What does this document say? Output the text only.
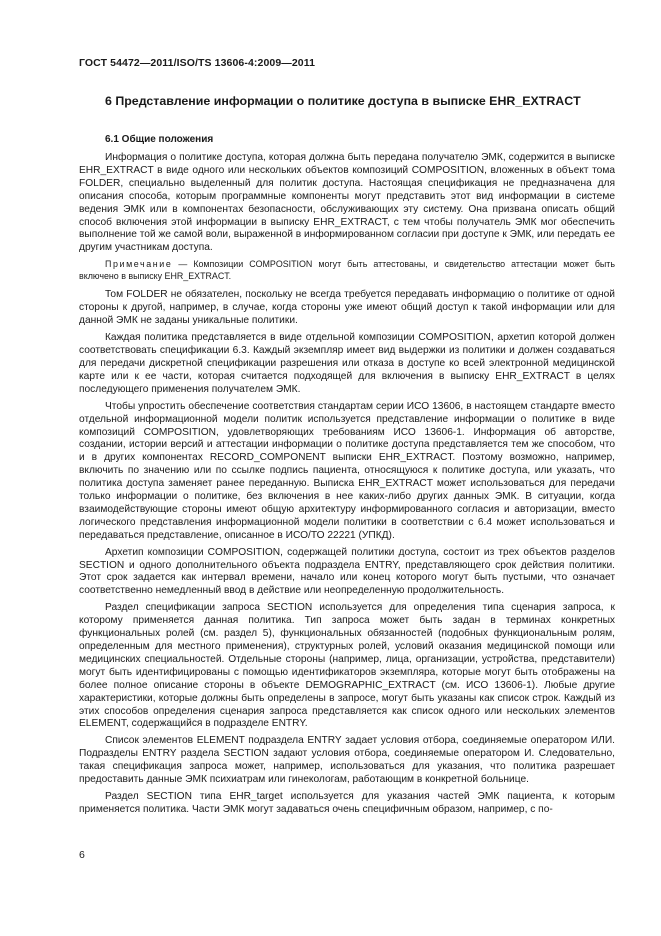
ГОСТ 54472—2011/ISO/TS 13606-4:2009—2011
6 Представление информации о политике доступа в выписке EHR_EXTRACT
6.1 Общие положения

Информация о политике доступа, которая должна быть передана получателю ЭМК, содержится в выписке EHR_EXTRACT в виде одного или нескольких объектов композиций COMPOSITION, вложенных в объект тома FOLDER, специально выделенный для политик доступа. Настоящая спецификация не предназначена для описания способа, которым программные компоненты могут представить этот вид информации в системе ведения ЭМК или в компонентах безопасности, обслуживающих эту систему. Она призвана описать общий способ включения этой информации в выписку EHR_EXTRACT, с тем чтобы получатель ЭМК мог обеспечить выполнение той же самой воли, выраженной в информированном согласии при доступе к ЭМК, или передать ее другим участникам доступа.

Примечание — Композиции COMPOSITION могут быть аттестованы, и свидетельство аттестации может быть включено в выписку EHR_EXTRACT.

Том FOLDER не обязателен, поскольку не всегда требуется передавать информацию о политике от одной стороны к другой, например, в случае, когда стороны уже имеют общий доступ к такой информации или для данной ЭМК не заданы уникальные политики.

Каждая политика представляется в виде отдельной композиции COMPOSITION, архетип которой должен соответствовать спецификации 6.3. Каждый экземпляр имеет вид выдержки из политики и должен создаваться для передачи дискретной спецификации разрешения или отказа в доступе ко всей электронной медицинской карте или к ее части, которая считается подходящей для включения в выписку EHR_EXTRACT в целях последующего применения получателем ЭМК.

Чтобы упростить обеспечение соответствия стандартам серии ИСО 13606, в настоящем стандарте вместо отдельной информационной модели политик используется представление информации о политике в виде композиций COMPOSITION, удовлетворяющих требованиям ИСО 13606-1. Информация об авторстве, создании, истории версий и аттестации информации о политике доступа представляется тем же способом, что и в других компонентах RECORD_COMPONENT выписки EHR_EXTRACT. Поэтому возможно, например, включить по значению или по ссылке подпись пациента, относящуюся к политике доступа, или указать, что политика доступа заменяет ранее переданную. Выписка EHR_EXTRACT может использоваться для передачи только информации о политике, без включения в нее каких-либо других данных ЭМК. В ситуации, когда взаимодействующие стороны имеют общую архитектуру информированного согласия и авторизации, вместо логического представления информационной модели политики в соответствии с 6.4 может использоваться и передаваться представление, описанное в ИСО/ТО 22221 (УПКД).

Архетип композиции COMPOSITION, содержащей политики доступа, состоит из трех объектов разделов SECTION и одного дополнительного объекта подраздела ENTRY, представляющего срок действия политики. Этот срок задается как интервал времени, начало или конец которого могут быть пустыми, что означает соответственно немедленный ввод в действие или неопределенную продолжительность.

Раздел спецификации запроса SECTION используется для определения типа сценария запроса, к которому применяется данная политика. Тип запроса может быть задан в терминах конкретных функциональных ролей (см. раздел 5), функциональных обязанностей (подобных функциональным ролям, определенным для местного применения), структурных ролей, условий оказания медицинской помощи или медицинских специальностей. Отдельные стороны (например, лица, организации, устройства, представители) могут быть идентифицированы с помощью идентификаторов экземпляра, которые могут быть отображены на более полное описание стороны в объекте DEMOGRAPHIC_EXTRACT (см. ИСО 13606-1). Любые другие характеристики, которые должны быть определены в запросе, могут быть указаны как список строк. Каждый из этих способов определения сценария запроса представляется как список одного или нескольких элементов ELEMENT, содержащийся в подразделе ENTRY.

Список элементов ELEMENT подраздела ENTRY задает условия отбора, соединяемые оператором ИЛИ. Подразделы ENTRY раздела SECTION задают условия отбора, соединяемые оператором И. Следовательно, такая спецификация запроса может, например, использоваться для указания, что политика разрешает предоставить данные ЭМК психиатрам или гинекологам, работающим в конкретной больнице.

Раздел SECTION типа EHR_target используется для указания частей ЭМК пациента, к которым применяется политика. Части ЭМК могут задаваться очень специфичным образом, например, с по-

6
